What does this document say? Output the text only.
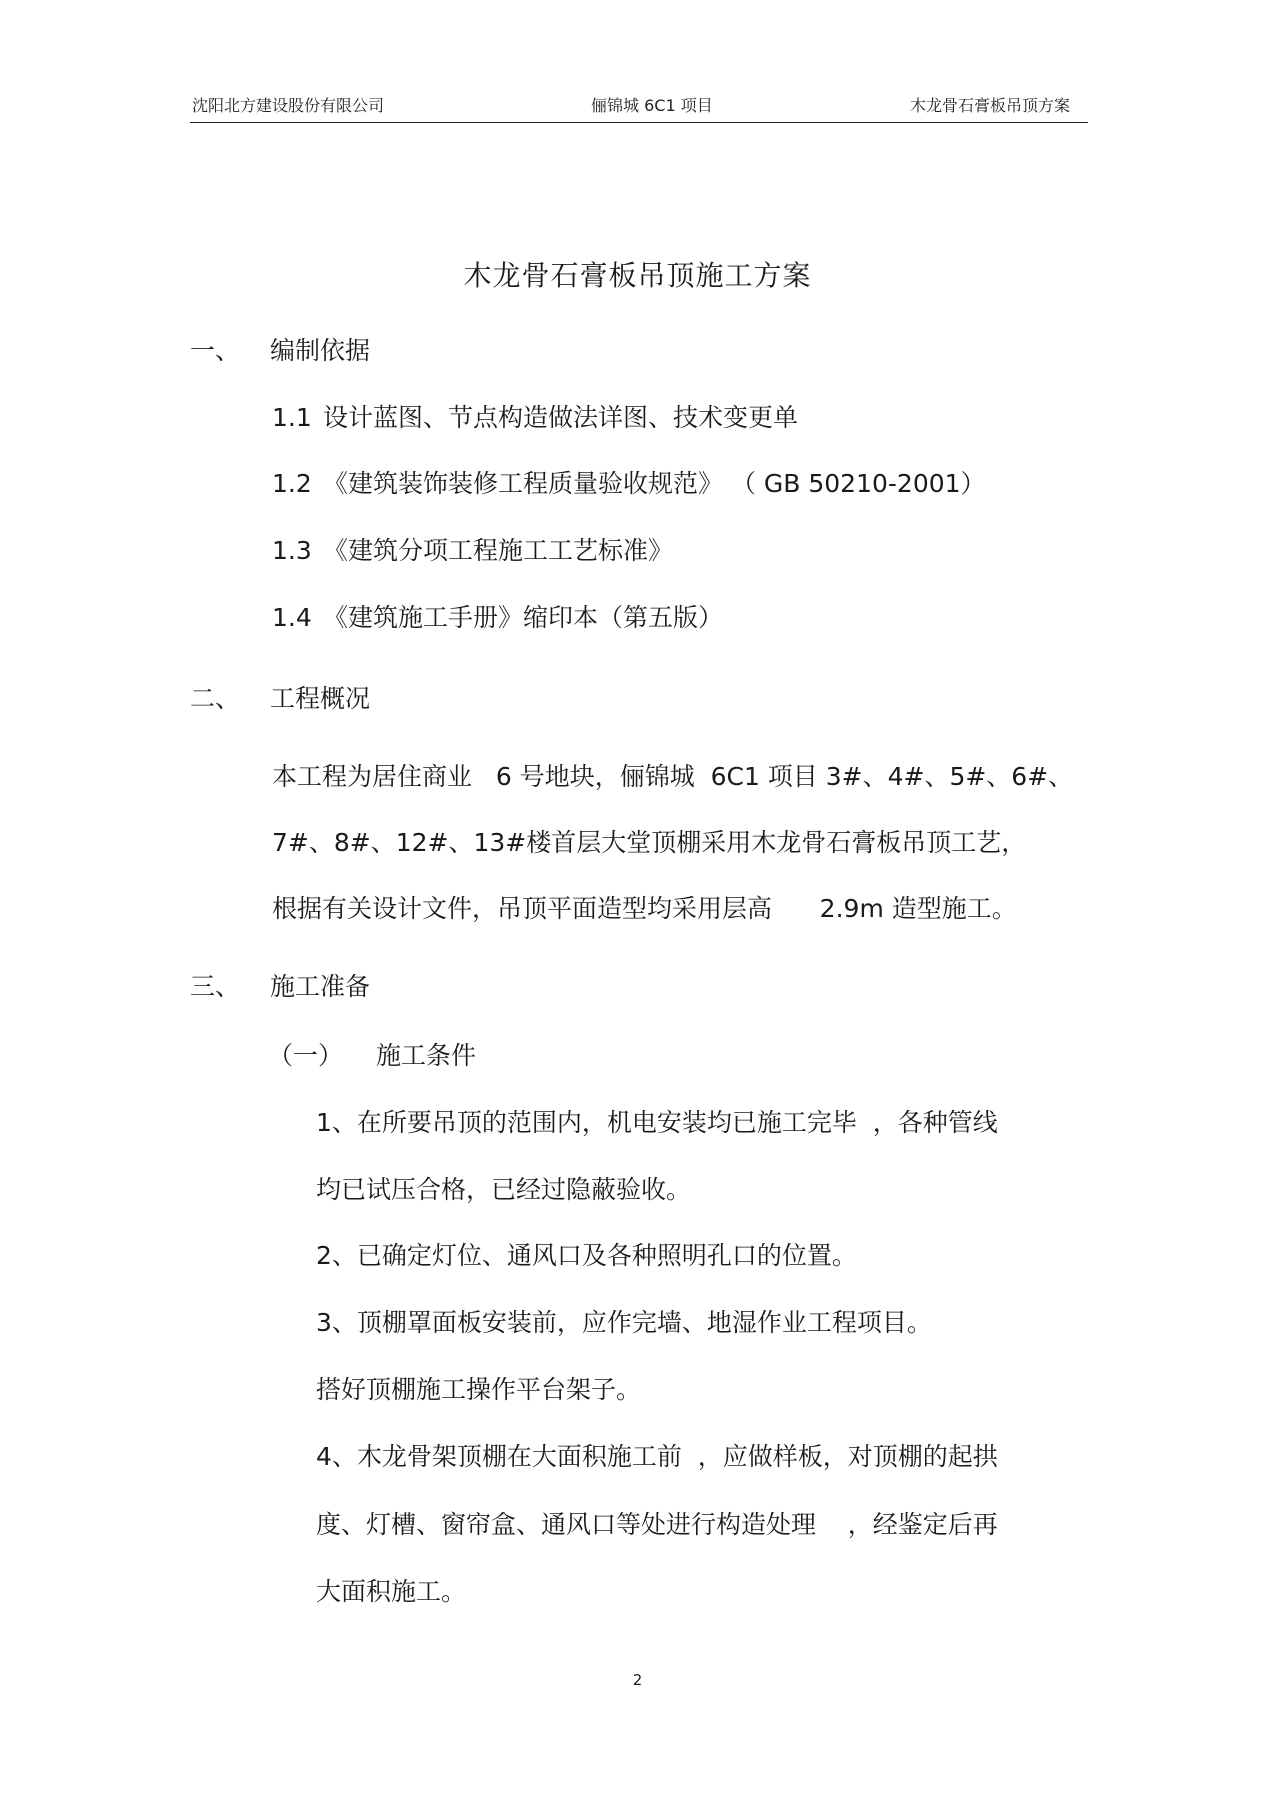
沈阳北方建设股份有限公司	俪锦城 6C1 项目	木龙骨石膏板吊顶方案
木龙骨石膏板吊顶施工方案
一、 编制依据
1.1 设计蓝图、节点构造做法详图、技术变更单
1.2 《建筑装饰装修工程质量验收规范》 （ GB 50210-2001）
1.3 《建筑分项工程施工工艺标准》
1.4 《建筑施工手册》缩印本（第五版）
二、 工程概况
本工程为居住商业   6 号地块，俪锦城  6C1 项目 3#、4#、5#、6#、
7#、8#、12#、13#楼首层大堂顶棚采用木龙骨石膏板吊顶工艺，
根据有关设计文件，吊顶平面造型均采用层高      2.9m 造型施工。
三、 施工准备
（一） 施工条件
1、在所要吊顶的范围内，机电安装均已施工完毕  ，各种管线
均已试压合格，已经过隐蔽验收。
2、已确定灯位、通风口及各种照明孔口的位置。
3、顶棚罩面板安装前，应作完墙、地湿作业工程项目。
搭好顶棚施工操作平台架子。
4、木龙骨架顶棚在大面积施工前  ，应做样板，对顶棚的起拱
度、灯槽、窗帘盒、通风口等处进行构造处理    ，经鉴定后再
大面积施工。
2
